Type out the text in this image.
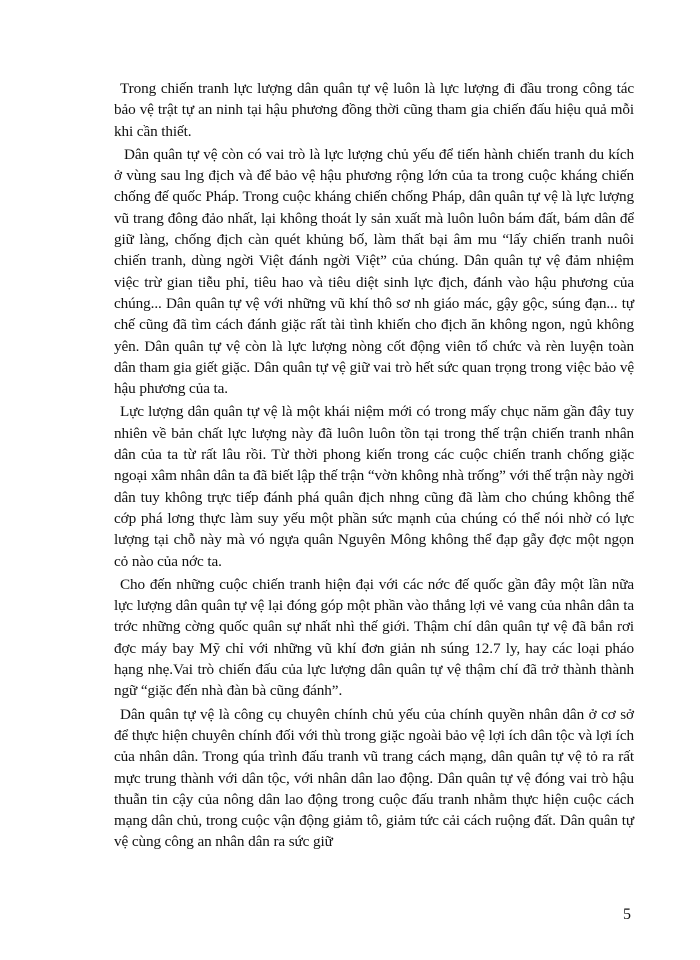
Trong chiến tranh lực lượng dân quân tự vệ luôn là lực lượng đi đầu trong công tác bảo vệ trật tự an ninh tại hậu phương đồng thời cũng tham gia chiến đấu hiệu quả mỗi khi cần thiết.

Dân quân tự vệ còn có vai trò là lực lượng chủ yếu để tiến hành chiến tranh du kích ở vùng sau lng địch và để bảo vệ hậu phương rộng lớn của ta trong cuộc kháng chiến chống đế quốc Pháp. Trong cuộc kháng chiến chống Pháp, dân quân tự vệ là lực lượng vũ trang đông đảo nhất, lại không thoát ly sản xuất mà luôn luôn bám đất, bám dân để giữ làng, chống địch càn quét khủng bố, làm thất bại âm mu “lấy chiến tranh nuôi chiến tranh, dùng ngời Việt đánh ngời Việt” của chúng. Dân quân tự vệ đảm nhiệm việc trừ gian tiễu phỉ, tiêu hao và tiêu diệt sinh lực địch, đánh vào hậu phương của chúng... Dân quân tự vệ với những vũ khí thô sơ nh giáo mác, gậy gộc, súng đạn... tự chế cũng đã tìm cách đánh giặc rất tài tình khiến cho địch ăn không ngon, ngủ không yên. Dân quân tự vệ còn là lực lượng nòng cốt động viên tổ chức và rèn luyện toàn dân tham gia giết giặc. Dân quân tự vệ giữ vai trò hết sức quan trọng trong việc bảo vệ hậu phương của ta.

Lực lượng dân quân tự vệ là một khái niệm mới có trong mấy chục năm gần đây tuy nhiên về bản chất lực lượng này đã luôn luôn tồn tại trong thế trận chiến tranh nhân dân của ta từ rất lâu rồi. Từ thời phong kiến trong các cuộc chiến tranh chống giặc ngoại xâm nhân dân ta đã biết lập thế trận “vờn không nhà trống” với thế trận này ngời dân tuy không trực tiếp đánh phá quân địch nhng cũng đã làm cho chúng không thể cớp phá lơng thực làm suy yếu một phần sức mạnh của chúng có thể nói nhờ có lực lượng tại chỗ này mà vó ngựa quân Nguyên Mông không thể đạp gẫy đợc một ngọn cỏ nào của nớc ta.

Cho đến những cuộc chiến tranh hiện đại với các nớc đế quốc gần đây một lần nữa lực lượng dân quân tự vệ lại đóng góp một phần vào thắng lợi vẻ vang của nhân dân ta trớc những cờng quốc quân sự nhất nhì thế giới. Thậm chí dân quân tự vệ đã bắn rơi đợc máy bay Mỹ chỉ với những vũ khí đơn giản nh súng 12.7 ly, hay các loại pháo hạng nhẹ.Vai trò chiến đấu của lực lượng dân quân tự vệ thậm chí đã trở thành thành ngữ “giặc đến nhà đàn bà cũng đánh”.

Dân quân tự vệ là công cụ chuyên chính chủ yếu của chính quyền nhân dân ở cơ sở để thực hiện chuyên chính đối với thù trong giặc ngoài bảo vệ lợi ích dân tộc và lợi ích của nhân dân. Trong qúa trình đấu tranh vũ trang cách mạng, dân quân tự vệ tỏ ra rất mực trung thành với dân tộc, với nhân dân lao động. Dân quân tự vệ đóng vai trò hậu thuẫn tin cậy của nông dân lao động trong cuộc đấu tranh nhằm thực hiện cuộc cách mạng dân chủ, trong cuộc vận động giảm tô, giảm tức cải cách ruộng đất. Dân quân tự vệ cùng công an nhân dân ra sức giữ

5
